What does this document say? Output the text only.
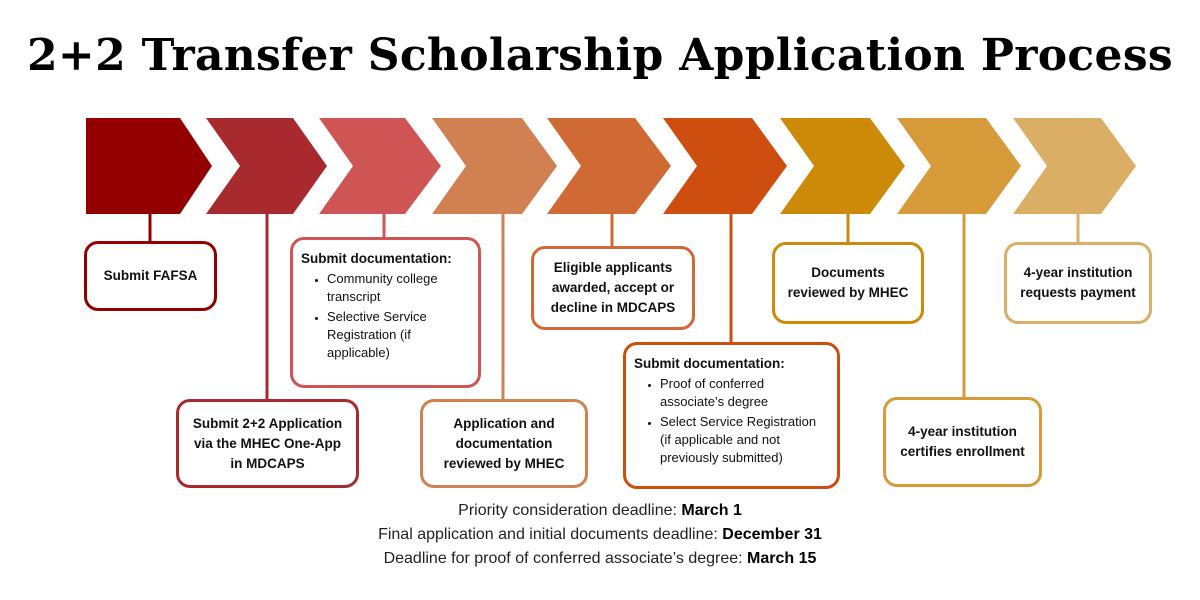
2+2 Transfer Scholarship Application Process
Submit FAFSA
Submit 2+2 Application via the MHEC One-App in MDCAPS
Submit documentation:
• Community college transcript
• Selective Service Registration (if applicable)
Application and documentation reviewed by MHEC
Eligible applicants awarded, accept or decline in MDCAPS
Submit documentation:
• Proof of conferred associate’s degree
• Select Service Registration (if applicable and not previously submitted)
Documents reviewed by MHEC
4-year institution certifies enrollment
4-year institution requests payment
Priority consideration deadline: March 1
Final application and initial documents deadline: December 31
Deadline for proof of conferred associate’s degree: March 15
